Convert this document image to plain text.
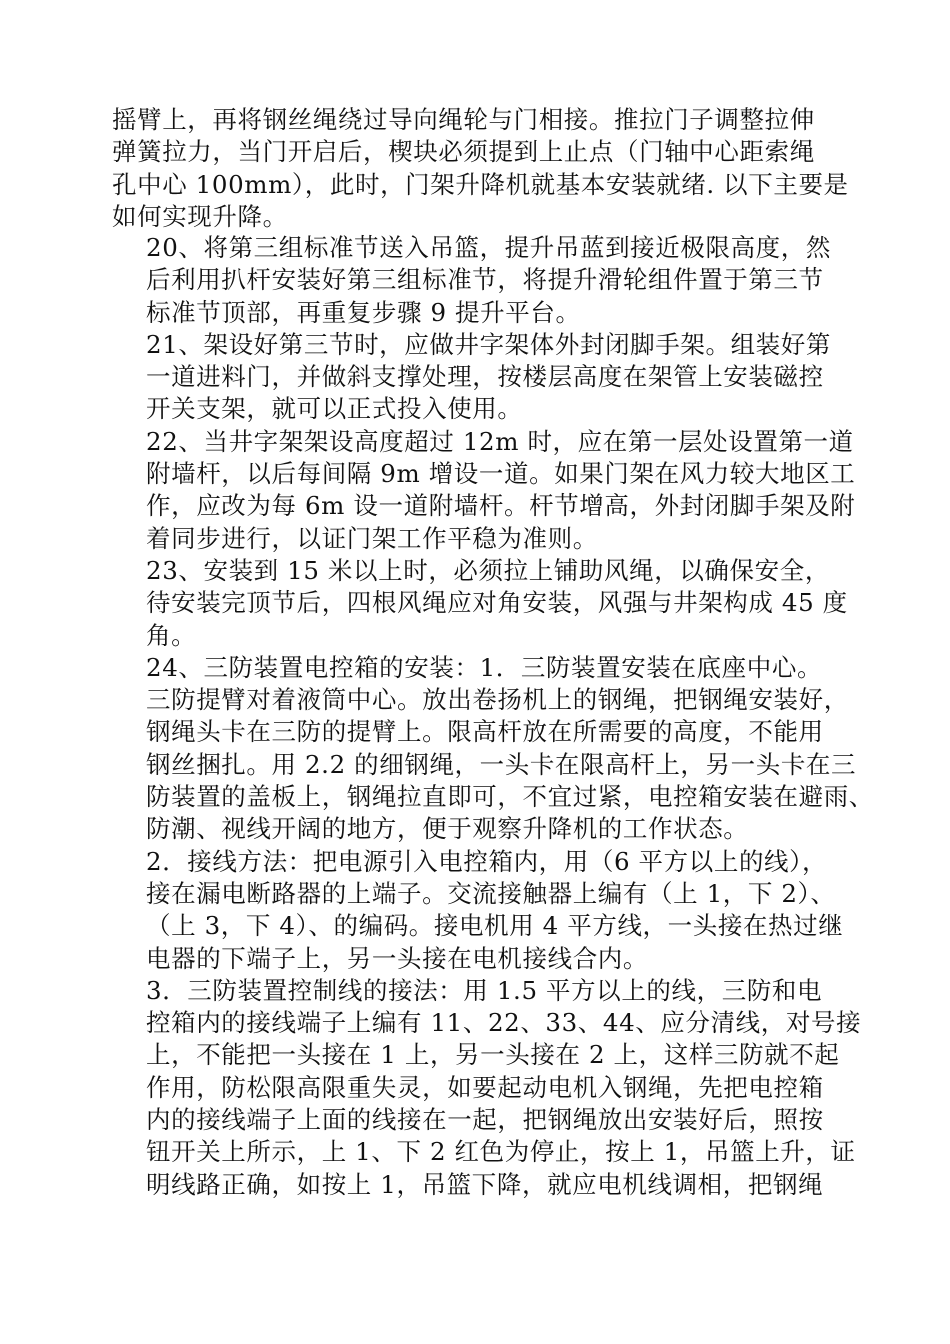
摇臂上，再将钢丝绳绕过导向绳轮与门相接。推拉门子调整拉伸
弹簧拉力，当门开启后，楔块必须提到上止点（门轴中心距索绳
孔中心 100mm），此时，门架升降机就基本安装就绪. 以下主要是
如何实现升降。
20、将第三组标准节送入吊篮，提升吊蓝到接近极限高度，然
后利用扒杆安装好第三组标准节，将提升滑轮组件置于第三节
标准节顶部，再重复步骤 9 提升平台。
21、架设好第三节时，应做井字架体外封闭脚手架。组装好第
一道进料门，并做斜支撑处理，按楼层高度在架管上安装磁控
开关支架，就可以正式投入使用。
22、当井字架架设高度超过 12m 时，应在第一层处设置第一道
附墙杆，以后每间隔 9m 增设一道。如果门架在风力较大地区工
作，应改为每 6m 设一道附墙杆。杆节增高，外封闭脚手架及附
着同步进行，以证门架工作平稳为准则。
23、安装到 15 米以上时，必须拉上铺助风绳，以确保安全，
待安装完顶节后，四根风绳应对角安装，风强与井架构成 45 度
角。
24、三防装置电控箱的安装：1．三防装置安装在底座中心。
三防提臂对着液筒中心。放出卷扬机上的钢绳，把钢绳安装好，
钢绳头卡在三防的提臂上。限高杆放在所需要的高度，不能用
钢丝捆扎。用 2.2 的细钢绳，一头卡在限高杆上，另一头卡在三
防装置的盖板上，钢绳拉直即可，不宜过紧，电控箱安装在避雨、
防潮、视线开阔的地方，便于观察升降机的工作状态。
2．接线方法：把电源引入电控箱内，用（6 平方以上的线），
接在漏电断路器的上端子。交流接触器上编有（上 1，下 2）、
（上 3，下 4）、的编码。接电机用 4 平方线，一头接在热过继
电器的下端子上，另一头接在电机接线合内。
3．三防装置控制线的接法：用 1.5 平方以上的线，三防和电
控箱内的接线端子上编有 11、22、33、44、应分清线，对号接
上，不能把一头接在 1 上，另一头接在 2 上，这样三防就不起
作用，防松限高限重失灵，如要起动电机入钢绳，先把电控箱
内的接线端子上面的线接在一起，把钢绳放出安装好后，照按
钮开关上所示，上 1、下 2 红色为停止，按上 1，吊篮上升，证
明线路正确，如按上 1，吊篮下降，就应电机线调相，把钢绳
